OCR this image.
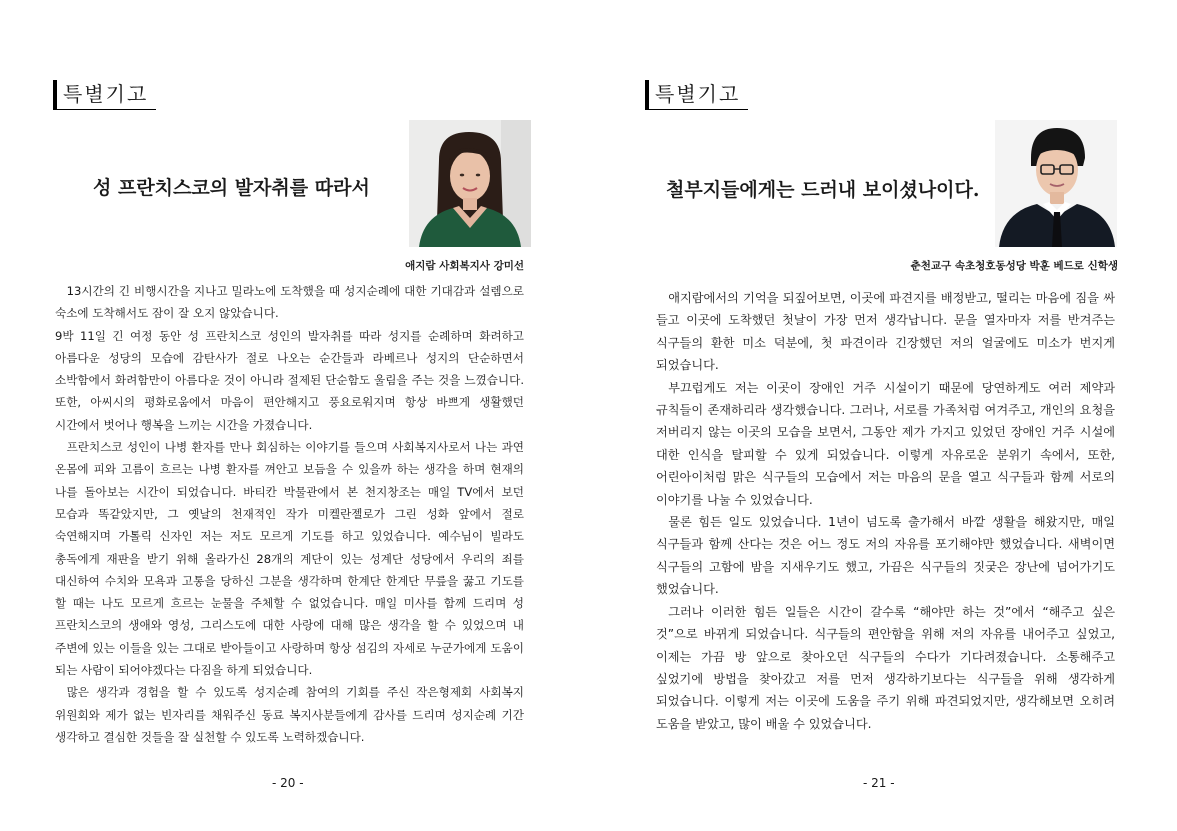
특별기고
성 프란치스코의 발자취를 따라서
애지람 사회복지사 강미선

13시간의 긴 비행시간을 지나고 밀라노에 도착했을 때 성지순례에 대한 기대감과 설렘으로 숙소에 도착해서도 잠이 잘 오지 않았습니다.

9박 11일 긴 여정 동안 성 프란치스코 성인의 발자취를 따라 성지를 순례하며 화려하고 아름다운 성당의 모습에 감탄사가 절로 나오는 순간들과 라베르나 성지의 단순하면서 소박함에서 화려함만이 아름다운 것이 아니라 절제된 단순함도 울림을 주는 것을 느꼈습니다. 또한, 아씨시의 평화로움에서 마음이 편안해지고 풍요로워지며 항상 바쁘게 생활했던 시간에서 벗어나 행복을 느끼는 시간을 가졌습니다.

프란치스코 성인이 나병 환자를 만나 회심하는 이야기를 들으며 사회복지사로서 나는 과연 온몸에 피와 고름이 흐르는 나병 환자를 껴안고 보듬을 수 있을까 하는 생각을 하며 현재의 나를 돌아보는 시간이 되었습니다. 바티칸 박물관에서 본 천지창조는 매일 TV에서 보던 모습과 똑같았지만, 그 옛날의 천재적인 작가 미켈란젤로가 그린 성화 앞에서 절로 숙연해지며 가톨릭 신자인 저는 저도 모르게 기도를 하고 있었습니다. 예수님이 빌라도 총독에게 재판을 받기 위해 올라가신 28개의 계단이 있는 성계단 성당에서 우리의 죄를 대신하여 수치와 모욕과 고통을 당하신 그분을 생각하며 한계단 한계단 무릎을 꿇고 기도를 할 때는 나도 모르게 흐르는 눈물을 주체할 수 없었습니다. 매일 미사를 함께 드리며 성 프란치스코의 생애와 영성, 그리스도에 대한 사랑에 대해 많은 생각을 할 수 있었으며 내 주변에 있는 이들을 있는 그대로 받아들이고 사랑하며 항상 섬김의 자세로 누군가에게 도움이 되는 사람이 되어야겠다는 다짐을 하게 되었습니다.

많은 생각과 경험을 할 수 있도록 성지순례 참여의 기회를 주신 작은형제회 사회복지 위원회와 제가 없는 빈자리를 채워주신 동료 복지사분들에게 감사를 드리며 성지순례 기간 생각하고 결심한 것들을 잘 실천할 수 있도록 노력하겠습니다.

- 20 -
특별기고
철부지들에게는 드러내 보이셨나이다.
춘천교구 속초청호동성당 박훈 베드로 신학생

애지람에서의 기억을 되짚어보면, 이곳에 파견지를 배정받고, 떨리는 마음에 짐을 싸 들고 이곳에 도착했던 첫날이 가장 먼저 생각납니다. 문을 열자마자 저를 반겨주는 식구들의 환한 미소 덕분에, 첫 파견이라 긴장했던 저의 얼굴에도 미소가 번지게 되었습니다.

부끄럽게도 저는 이곳이 장애인 거주 시설이기 때문에 당연하게도 여러 제약과 규칙들이 존재하리라 생각했습니다. 그러나, 서로를 가족처럼 여겨주고, 개인의 요청을 저버리지 않는 이곳의 모습을 보면서, 그동안 제가 가지고 있었던 장애인 거주 시설에 대한 인식을 탈피할 수 있게 되었습니다. 이렇게 자유로운 분위기 속에서, 또한, 어린아이처럼 맑은 식구들의 모습에서 저는 마음의 문을 열고 식구들과 함께 서로의 이야기를 나눌 수 있었습니다.

물론 힘든 일도 있었습니다. 1년이 넘도록 출가해서 바깥 생활을 해왔지만, 매일 식구들과 함께 산다는 것은 어느 정도 저의 자유를 포기해야만 했었습니다. 새벽이면 식구들의 고함에 밤을 지새우기도 했고, 가끔은 식구들의 짓궂은 장난에 넘어가기도 했었습니다.

그러나 이러한 힘든 일들은 시간이 갈수록 “해야만 하는 것”에서 “해주고 싶은 것”으로 바뀌게 되었습니다. 식구들의 편안함을 위해 저의 자유를 내어주고 싶었고, 이제는 가끔 방 앞으로 찾아오던 식구들의 수다가 기다려졌습니다. 소통해주고 싶었기에 방법을 찾아갔고 저를 먼저 생각하기보다는 식구들을 위해 생각하게 되었습니다. 이렇게 저는 이곳에 도움을 주기 위해 파견되었지만, 생각해보면 오히려 도움을 받았고, 많이 배울 수 있었습니다.

- 21 -
